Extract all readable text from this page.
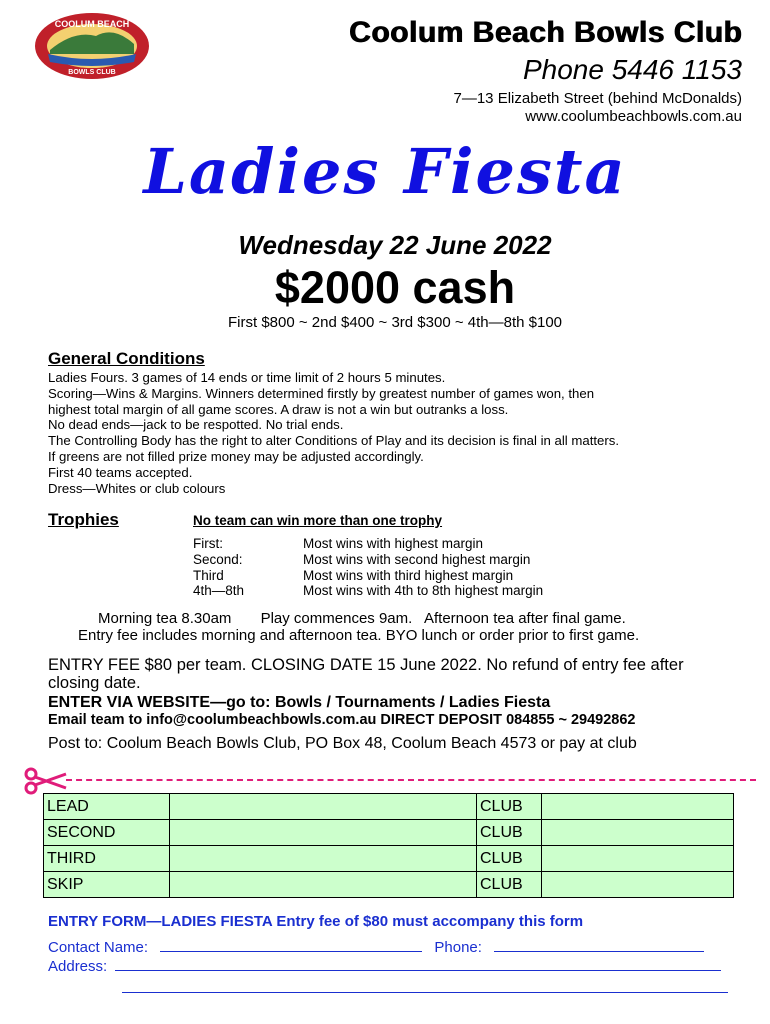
COOLUM BEACH
BOWLS CLUB
Coolum Beach Bowls Club
Phone 5446 1153
7—13 Elizabeth Street (behind McDonalds)
www.coolumbeachbowls.com.au
Ladies Fiesta
Wednesday 22 June 2022
$2000 cash
First $800 ~ 2nd $400 ~ 3rd $300 ~ 4th—8th $100
General Conditions
Ladies Fours. 3 games of 14 ends or time limit of 2 hours 5 minutes.
Scoring—Wins & Margins. Winners determined firstly by greatest number of games won, then
highest total margin of all game scores. A draw is not a win but outranks a loss.
No dead ends—jack to be respotted. No trial ends.
The Controlling Body has the right to alter Conditions of Play and its decision is final in all matters.
If greens are not filled prize money may be adjusted accordingly.
First 40 teams accepted.
Dress—Whites or club colours
Trophies	No team can win more than one trophy
First:	Most wins with highest margin
Second:	Most wins with second highest margin
Third	Most wins with third highest margin
4th—8th	Most wins with 4th to 8th highest margin
Morning tea 8.30am       Play commences 9am.   Afternoon tea after final game.
Entry fee includes morning and afternoon tea. BYO lunch or order prior to first game.
ENTRY FEE $80 per team. CLOSING DATE 15 June 2022. No refund of entry fee after closing date.
ENTER VIA WEBSITE—go to: Bowls / Tournaments / Ladies Fiesta
Email team to info@coolumbeachbowls.com.au DIRECT DEPOSIT 084855 ~ 29492862
Post to: Coolum Beach Bowls Club, PO Box 48, Coolum Beach 4573 or pay at club
LEAD		CLUB	
SECOND		CLUB	
THIRD		CLUB	
SKIP		CLUB	
ENTRY FORM—LADIES FIESTA Entry fee of $80 must accompany this form
Contact Name:	Phone:
Address:
